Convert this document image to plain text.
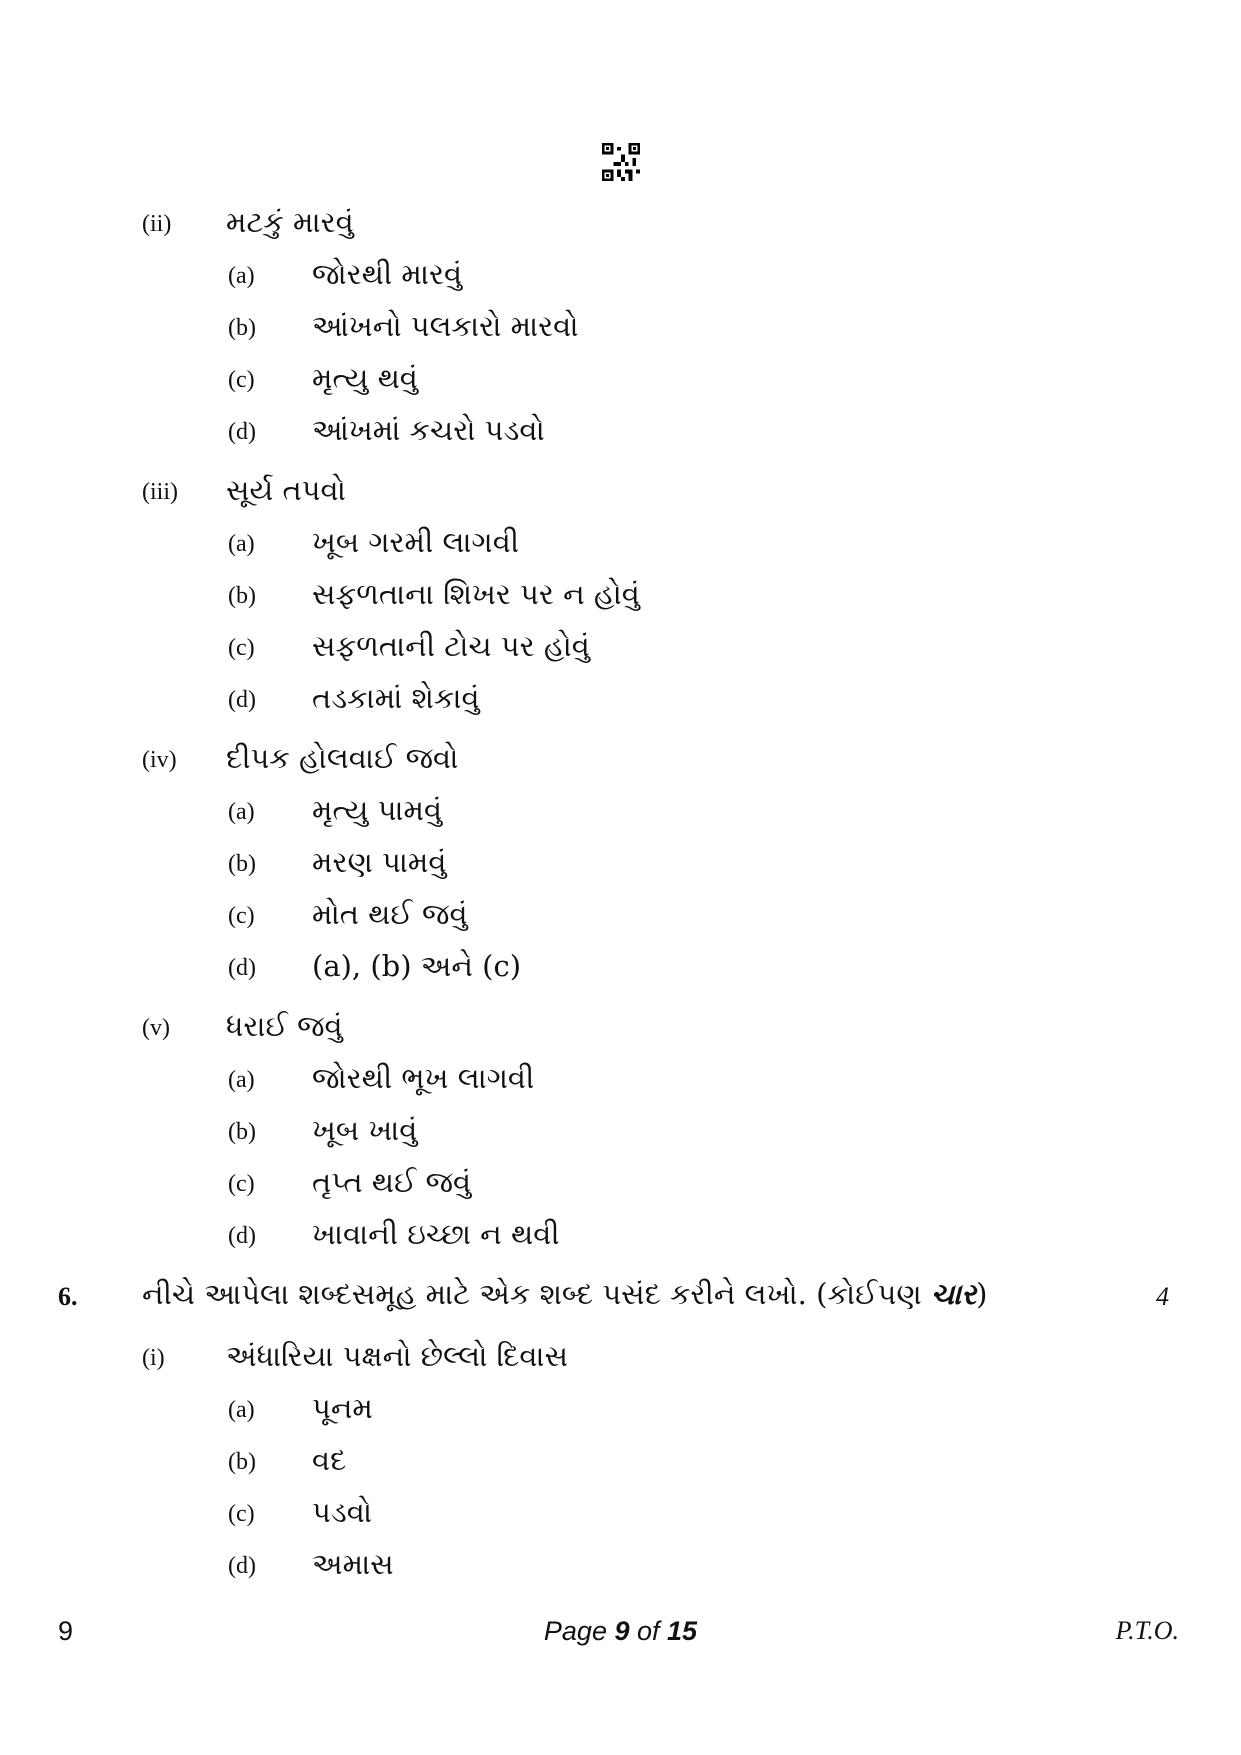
(ii) મટકું મારવું
(a) જોરથી મારવું
(b) આંખનો પલકારો મારવો
(c) મૃત્યુ થવું
(d) આંખમાં કચરો પડવો
(iii) સૂર્ય તપવો
(a) ખૂબ ગરમી લાગવી
(b) સફળતાના શિખર પર ન હોવું
(c) સફળતાની ટોચ પર હોવું
(d) તડકામાં શેકાવું
(iv) દીપક હોલવાઈ જવો
(a) મૃત્યુ પામવું
(b) મરણ પામવું
(c) મોત થઈ જવું
(d) (a), (b) અને (c)
(v) ધરાઈ જવું
(a) જોરથી ભૂખ લાગવી
(b) ખૂબ ખાવું
(c) તૃપ્ત થઈ જવું
(d) ખાવાની ઇચ્છા ન થવી
(i) અંધારિયા પક્ષનો છેલ્લો દિવાસ
(a) પૂનમ
(b) વદ
(c) પડવો
(d) અમાસ
6. નીચે આપેલા શબ્દસમૂહ માટે એક શબ્દ પસંદ કરીને લખો. (કોઈપણ ચાર)	4
9	Page 9 of 15	P.T.O.
